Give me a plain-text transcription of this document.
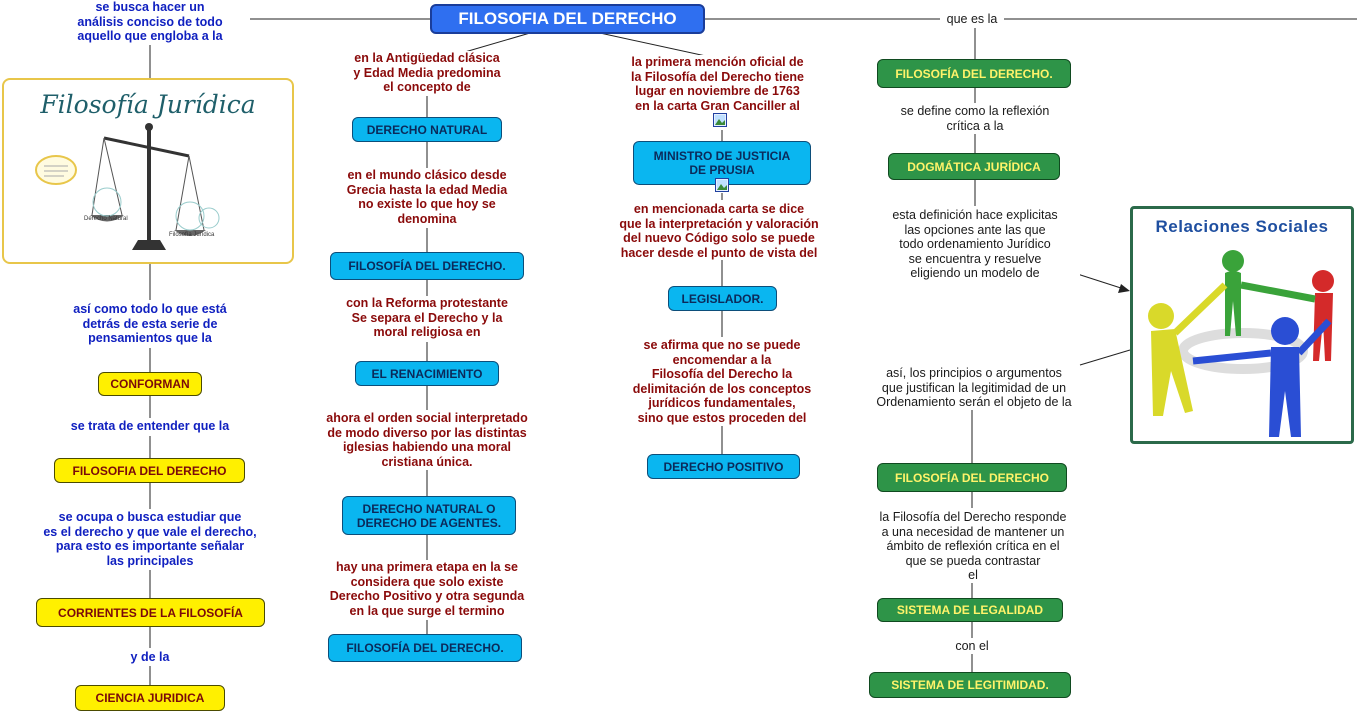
FILOSOFIA DEL DERECHO
se busca hacer un
análisis conciso de todo
aquello que engloba a la
Filosofía Jurídica
Derecho Natural
Filosofía Jurídica
así como todo lo que está
detrás de esta serie de
pensamientos que la
CONFORMAN
se trata de entender que la
FILOSOFIA DEL DERECHO
se ocupa o busca estudiar que
es el derecho y que vale el derecho,
para esto es importante señalar
las principales
CORRIENTES DE LA FILOSOFÍA
y de la
CIENCIA JURIDICA
en la Antigüedad clásica
y Edad Media predomina
el concepto de
DERECHO NATURAL
en el mundo clásico desde
Grecia hasta la edad Media
no existe lo que hoy se
denomina
FILOSOFÍA DEL DERECHO.
con la Reforma protestante
Se separa el Derecho y la
moral religiosa en
EL RENACIMIENTO
ahora el orden social interpretado
de modo diverso por las distintas
iglesias habiendo una moral
cristiana única.
DERECHO NATURAL O
DERECHO DE AGENTES.
hay una primera etapa en la se
considera que solo existe
Derecho Positivo y otra segunda
en la que surge el termino
FILOSOFÍA DEL DERECHO.
la primera mención oficial de
la Filosofía del Derecho tiene
lugar en noviembre de 1763
en la carta Gran Canciller al
MINISTRO DE JUSTICIA
DE PRUSIA
en mencionada carta se dice
que la interpretación y valoración
del nuevo Código solo se puede
hacer desde el punto de vista del
LEGISLADOR.
se afirma que no se puede
encomendar a la
Filosofía del Derecho la
delimitación de los conceptos
jurídicos fundamentales,
sino que estos proceden del
DERECHO POSITIVO
que es la
FILOSOFÍA DEL DERECHO.
se define como la reflexión
crítica a la
DOGMÁTICA JURÍDICA
esta definición hace explicitas
las opciones ante las que
todo ordenamiento Jurídico
se encuentra y resuelve
eligiendo un modelo de
así, los principios o argumentos
que justifican la legitimidad de un
Ordenamiento serán el objeto de la
FILOSOFÍA DEL DERECHO
la Filosofía del Derecho responde
a una necesidad de mantener un
ámbito de reflexión crítica en el
que se pueda contrastar
el
SISTEMA DE LEGALIDAD
con el
SISTEMA DE LEGITIMIDAD.
Relaciones Sociales
